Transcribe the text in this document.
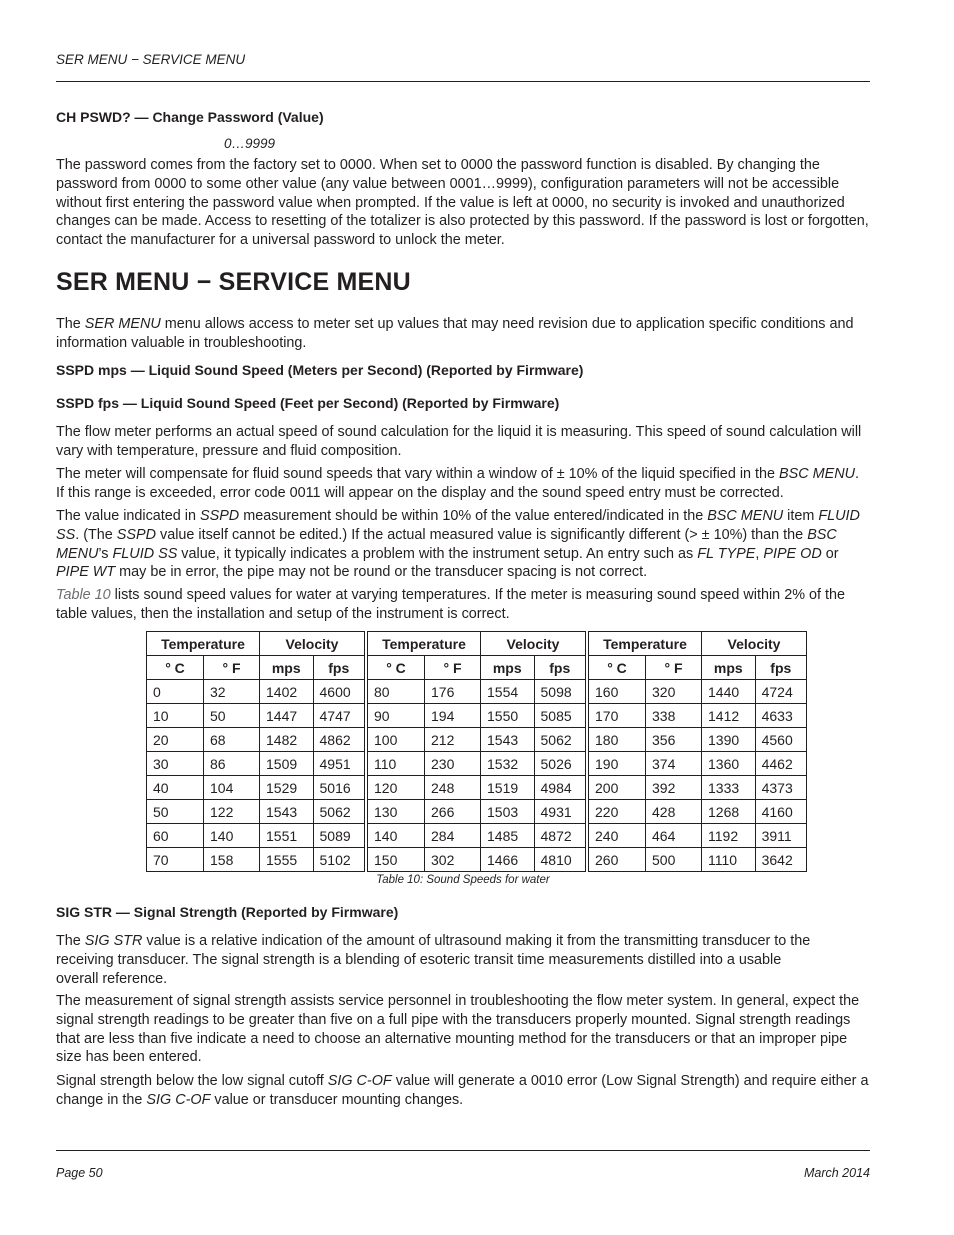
SER MENU − SERVICE MENU
CH PSWD? — Change Password (Value)
0…9999

The password comes from the factory set to 0000. When set to 0000 the password function is disabled. By changing the password from 0000 to some other value (any value between 0001…9999), configuration parameters will not be accessible without first entering the password value when prompted. If the value is left at 0000, no security is invoked and unauthorized changes can be made. Access to resetting of the totalizer is also protected by this password. If the password is lost or forgotten, contact the manufacturer for a universal password to unlock the meter.

SER MENU − SERVICE MENU

The SER MENU menu allows access to meter set up values that may need revision due to application specific conditions and information valuable in troubleshooting.

SSPD mps — Liquid Sound Speed (Meters per Second) (Reported by Firmware)
SSPD fps — Liquid Sound Speed (Feet per Second) (Reported by Firmware)

The flow meter performs an actual speed of sound calculation for the liquid it is measuring. This speed of sound calculation will vary with temperature, pressure and fluid composition.

The meter will compensate for fluid sound speeds that vary within a window of ± 10% of the liquid specified in the BSC MENU. If this range is exceeded, error code 0011 will appear on the display and the sound speed entry must be corrected.

The value indicated in SSPD measurement should be within 10% of the value entered/indicated in the BSC MENU item FLUID SS. (The SSPD value itself cannot be edited.) If the actual measured value is significantly different (> ± 10%) than the BSC MENU’s FLUID SS value, it typically indicates a problem with the instrument setup. An entry such as FL TYPE, PIPE OD or PIPE WT may be in error, the pipe may not be round or the transducer spacing is not correct.

Table 10 lists sound speed values for water at varying temperatures. If the meter is measuring sound speed within 2% of the table values, then the installation and setup of the instrument is correct.

Temperature		Velocity		Temperature		Velocity		Temperature		Velocity	
° C	° F	mps	fps	° C	° F	mps	fps	° C	° F	mps	fps
0	32	1402	4600	80	176	1554	5098	160	320	1440	4724
10	50	1447	4747	90	194	1550	5085	170	338	1412	4633
20	68	1482	4862	100	212	1543	5062	180	356	1390	4560
30	86	1509	4951	110	230	1532	5026	190	374	1360	4462
40	104	1529	5016	120	248	1519	4984	200	392	1333	4373
50	122	1543	5062	130	266	1503	4931	220	428	1268	4160
60	140	1551	5089	140	284	1485	4872	240	464	1192	3911
70	158	1555	5102	150	302	1466	4810	260	500	1110	3642
Table 10: Sound Speeds for water
SIG STR — Signal Strength (Reported by Firmware)

The SIG STR value is a relative indication of the amount of ultrasound making it from the transmitting transducer to the receiving transducer. The signal strength is a blending of esoteric transit time measurements distilled into a usable overall reference.

The measurement of signal strength assists service personnel in troubleshooting the flow meter system. In general, expect the signal strength readings to be greater than five on a full pipe with the transducers properly mounted. Signal strength readings that are less than five indicate a need to choose an alternative mounting method for the transducers or that an improper pipe size has been entered.

Signal strength below the low signal cutoff SIG C-OF value will generate a 0010 error (Low Signal Strength) and require either a change in the SIG C-OF value or transducer mounting changes.

Page 50	March 2014
